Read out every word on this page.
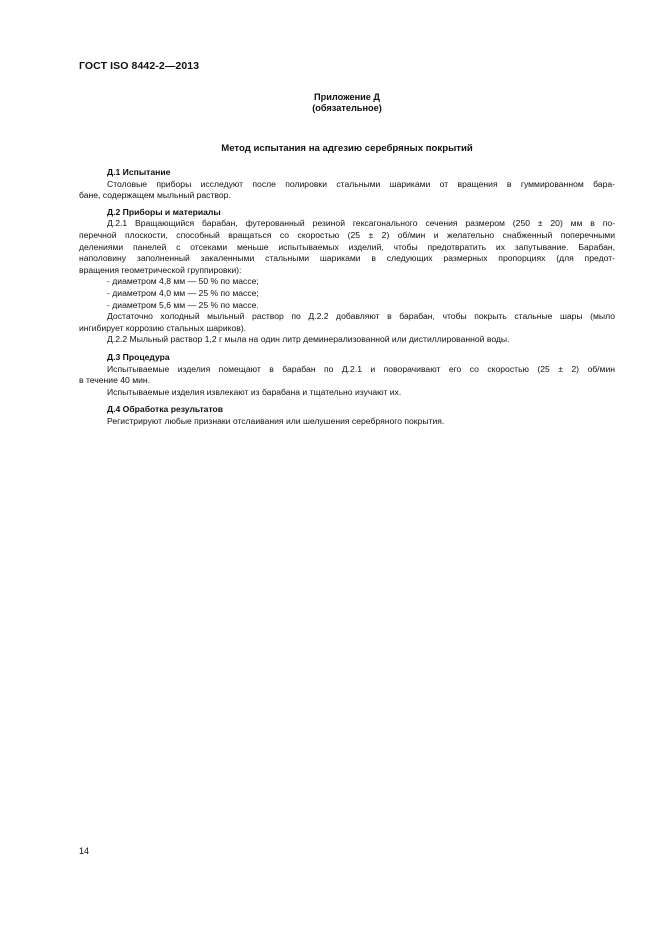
ГОСТ ISO 8442-2—2013
Приложение Д
(обязательное)
Метод испытания на адгезию серебряных покрытий

Д.1 Испытание

Столовые приборы исследуют после полировки стальными шариками от вращения в гуммированном бара-
бане, содержащем мыльный раствор.

Д.2 Приборы и материалы

Д.2.1 Вращающийся барабан, футерованный резиной гексагонального сечения размером (250 ± 20) мм в по-
перечной плоскости, способный вращаться со скоростью (25 ± 2) об/мин и желательно снабженный поперечными
делениями панелей с отсеками меньше испытываемых изделий, чтобы предотвратить их запутывание. Барабан,
наполовину заполненный закаленными стальными шариками в следующих размерных пропорциях (для предот-
вращения геометрической группировки):

- диаметром 4,8 мм — 50 % по массе;

- диаметром 4,0 мм — 25 % по массе;

- диаметром 5,6 мм — 25 % по массе.

Достаточно холодный мыльный раствор по Д.2.2 добавляют в барабан, чтобы покрыть стальные шары (мыло
ингибирует коррозию стальных шариков).
Д.2.2 Мыльный раствор 1,2 г мыла на один литр деминерализованной или дистиллированной воды.

Д.3 Процедура

Испытываемые изделия помещают в барабан по Д.2.1 и поворачивают его со скоростью (25 ± 2) об/мин
в течение 40 мин.
Испытываемые изделия извлекают из барабана и тщательно изучают их.

Д.4 Обработка результатов

Регистрируют любые признаки отслаивания или шелушения серебряного покрытия.
14
